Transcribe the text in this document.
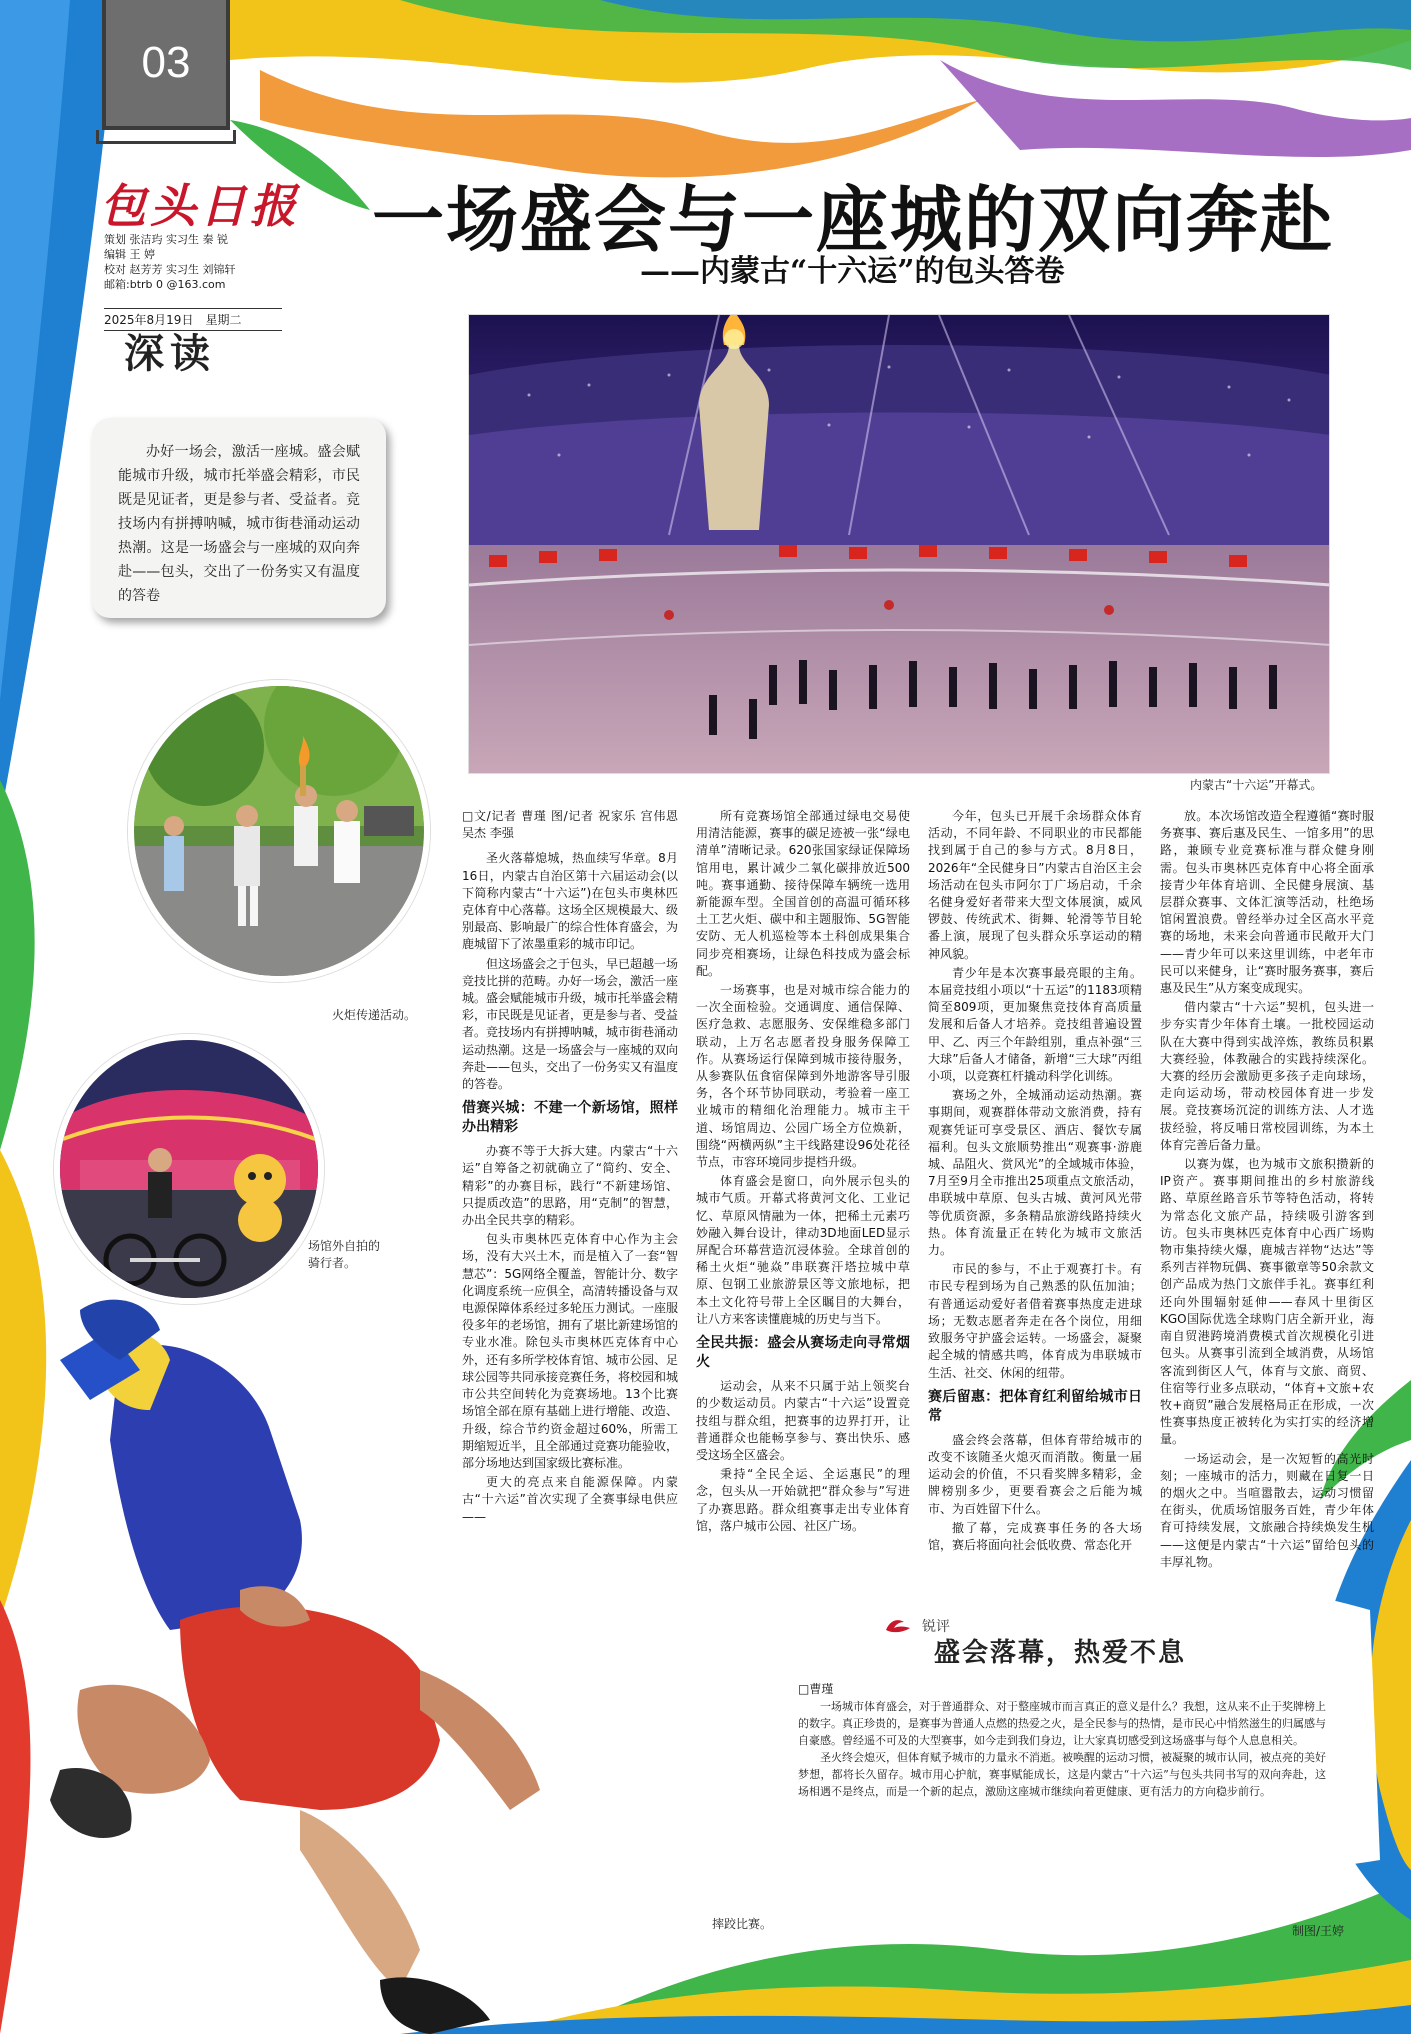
03
包头日报
策划 张洁玙 实习生 秦 锐
编辑 王 婷
校对 赵芳芳 实习生 刘锦轩
邮箱:btrb 0 @163.com
2025年8月19日　星期二
深读
一场盛会与一座城的双向奔赴
——内蒙古“十六运”的包头答卷
办好一场会，激活一座城。盛会赋能城市升级，城市托举盛会精彩，市民既是见证者，更是参与者、受益者。竞技场内有拼搏呐喊，城市街巷涌动运动热潮。这是一场盛会与一座城的双向奔赴——包头，交出了一份务实又有温度的答卷
内蒙古“十六运”开幕式。
火炬传递活动。
场馆外自拍的骑行者。
摔跤比赛。	制图/王婷

□文/记者 曹瑾 图/记者 祝家乐 宫伟恩 吴杰 李强

圣火落幕熄城，热血续写华章。8月16日，内蒙古自治区第十六届运动会(以下简称内蒙古“十六运”)在包头市奥林匹克体育中心落幕。这场全区规模最大、级别最高、影响最广的综合性体育盛会，为鹿城留下了浓墨重彩的城市印记。

但这场盛会之于包头，早已超越一场竞技比拼的范畴。办好一场会，激活一座城。盛会赋能城市升级，城市托举盛会精彩，市民既是见证者，更是参与者、受益者。竞技场内有拼搏呐喊，城市街巷涌动运动热潮。这是一场盛会与一座城的双向奔赴——包头，交出了一份务实又有温度的答卷。

借赛兴城：不建一个新场馆，照样办出精彩

办赛不等于大拆大建。内蒙古“十六运”自筹备之初就确立了“简约、安全、精彩”的办赛目标，践行“不新建场馆、只提质改造”的思路，用“克制”的智慧，办出全民共享的精彩。

包头市奥林匹克体育中心作为主会场，没有大兴土木，而是植入了一套“智慧芯”：5G网络全覆盖，智能计分、数字化调度系统一应俱全，高清转播设备与双电源保障体系经过多轮压力测试。一座服役多年的老场馆，拥有了堪比新建场馆的专业水准。除包头市奥林匹克体育中心外，还有多所学校体育馆、城市公园、足球公园等共同承接竞赛任务，将校园和城市公共空间转化为竞赛场地。13个比赛场馆全部在原有基础上进行增能、改造、升级，综合节约资金超过60%，所需工期缩短近半，且全部通过竞赛功能验收，部分场地达到国家级比赛标准。

更大的亮点来自能源保障。内蒙古“十六运”首次实现了全赛事绿电供应——

所有竞赛场馆全部通过绿电交易使用清洁能源，赛事的碳足迹被一张“绿电清单”清晰记录。620张国家绿证保障场馆用电，累计减少二氧化碳排放近500吨。赛事通勤、接待保障车辆统一选用新能源车型。全国首创的高温可循环移土工艺火炬、碳中和主题服饰、5G智能安防、无人机巡检等本土科创成果集合同步亮相赛场，让绿色科技成为盛会标配。

一场赛事，也是对城市综合能力的一次全面检验。交通调度、通信保障、医疗急救、志愿服务、安保维稳多部门联动，上万名志愿者投身服务保障工作。从赛场运行保障到城市接待服务，从参赛队伍食宿保障到外地游客导引服务，各个环节协同联动，考验着一座工业城市的精细化治理能力。城市主干道、场馆周边、公园广场全方位焕新，围绕“两横两纵”主干线路建设96处花径节点，市容环境同步提档升级。

体育盛会是窗口，向外展示包头的城市气质。开幕式将黄河文化、工业记忆、草原风情融为一体，把稀土元素巧妙融入舞台设计，律动3D地面LED显示屏配合环幕营造沉浸体验。全球首创的稀土火炬“驰焱”串联赛汗塔拉城中草原、包钢工业旅游景区等文旅地标，把本土文化符号带上全区瞩目的大舞台，让八方来客读懂鹿城的历史与当下。

全民共振：盛会从赛场走向寻常烟火

运动会，从来不只属于站上领奖台的少数运动员。内蒙古“十六运”设置竞技组与群众组，把赛事的边界打开，让普通群众也能畅享参与、赛出快乐、感受这场全区盛会。

秉持“全民全运、全运惠民”的理念，包头从一开始就把“群众参与”写进了办赛思路。群众组赛事走出专业体育馆，落户城市公园、社区广场。

今年，包头已开展千余场群众体育活动，不同年龄、不同职业的市民都能找到属于自己的参与方式。8月8日，2026年“全民健身日”内蒙古自治区主会场活动在包头市阿尔丁广场启动，千余名健身爱好者带来大型文体展演，威风锣鼓、传统武术、街舞、轮滑等节目轮番上演，展现了包头群众乐享运动的精神风貌。

青少年是本次赛事最亮眼的主角。本届竞技组小项以“十五运”的1183项精简至809项，更加聚焦竞技体育高质量发展和后备人才培养。竞技组普遍设置甲、乙、丙三个年龄组别，重点补强“三大球”后备人才储备，新增“三大球”丙组小项，以竞赛杠杆撬动科学化训练。

赛场之外，全城涌动运动热潮。赛事期间，观赛群体带动文旅消费，持有观赛凭证可享受景区、酒店、餐饮专属福利。包头文旅顺势推出“观赛事·游鹿城、品阻火、赏风光”的全域城市体验，7月至9月全市推出25项重点文旅活动，串联城中草原、包头古城、黄河风光带等优质资源，多条精品旅游线路持续火热。体育流量正在转化为城市文旅活力。

市民的参与，不止于观赛打卡。有市民专程到场为自己熟悉的队伍加油；有普通运动爱好者借着赛事热度走进球场；无数志愿者奔走在各个岗位，用细致服务守护盛会运转。一场盛会，凝聚起全城的情感共鸣，体育成为串联城市生活、社交、休闲的纽带。

赛后留惠：把体育红利留给城市日常

盛会终会落幕，但体育带给城市的改变不该随圣火熄灭而消散。衡量一届运动会的价值，不只看奖牌多精彩，金牌榜别多少，更要看赛会之后能为城市、为百姓留下什么。

撤了幕，完成赛事任务的各大场馆，赛后将面向社会低收费、常态化开

放。本次场馆改造全程遵循“赛时服务赛事、赛后惠及民生、一馆多用”的思路，兼顾专业竞赛标准与群众健身刚需。包头市奥林匹克体育中心将全面承接青少年体育培训、全民健身展演、基层群众赛事、文体汇演等活动，杜绝场馆闲置浪费。曾经举办过全区高水平竞赛的场地，未来会向普通市民敞开大门——青少年可以来这里训练，中老年市民可以来健身，让“赛时服务赛事，赛后惠及民生”从方案变成现实。

借内蒙古“十六运”契机，包头进一步夯实青少年体育土壤。一批校园运动队在大赛中得到实战淬炼，教练员积累大赛经验，体教融合的实践持续深化。大赛的经历会激励更多孩子走向球场，走向运动场，带动校园体育进一步发展。竞技赛场沉淀的训练方法、人才选拔经验，将反哺日常校园训练，为本土体育完善后备力量。

以赛为媒，也为城市文旅积攒新的IP资产。赛事期间推出的乡村旅游线路、草原丝路音乐节等特色活动，将转为常态化文旅产品，持续吸引游客到访。包头市奥林匹克体育中心西广场购物市集持续火爆，鹿城吉祥物“达达”等系列吉祥物玩偶、赛事徽章等50余款文创产品成为热门文旅伴手礼。赛事红利还向外围辐射延伸——春风十里街区KGO国际优选全球购门店全新开业，海南自贸港跨境消费模式首次规模化引进包头。从赛事引流到全域消费，从场馆客流到街区人气，体育与文旅、商贸、住宿等行业多点联动，“体育+文旅+农牧+商贸”融合发展格局正在形成，一次性赛事热度正被转化为实打实的经济增量。

一场运动会，是一次短暂的高光时刻；一座城市的活力，则藏在日复一日的烟火之中。当喧嚣散去，运动习惯留在街头，优质场馆服务百姓，青少年体育可持续发展，文旅融合持续焕发生机——这便是内蒙古“十六运”留给包头的丰厚礼物。

锐评
盛会落幕，热爱不息
□曹瑾

一场城市体育盛会，对于普通群众、对于整座城市而言真正的意义是什么？我想，这从来不止于奖牌榜上的数字。真正珍贵的，是赛事为普通人点燃的热爱之火，是全民参与的热情，是市民心中悄然滋生的归属感与自豪感。曾经遥不可及的大型赛事，如今走到我们身边，让大家真切感受到这场盛事与每个人息息相关。

圣火终会熄灭，但体育赋予城市的力量永不消逝。被唤醒的运动习惯，被凝聚的城市认同，被点亮的美好梦想，都将长久留存。城市用心护航，赛事赋能成长，这是内蒙古“十六运”与包头共同书写的双向奔赴，这场相遇不是终点，而是一个新的起点，激励这座城市继续向着更健康、更有活力的方向稳步前行。
